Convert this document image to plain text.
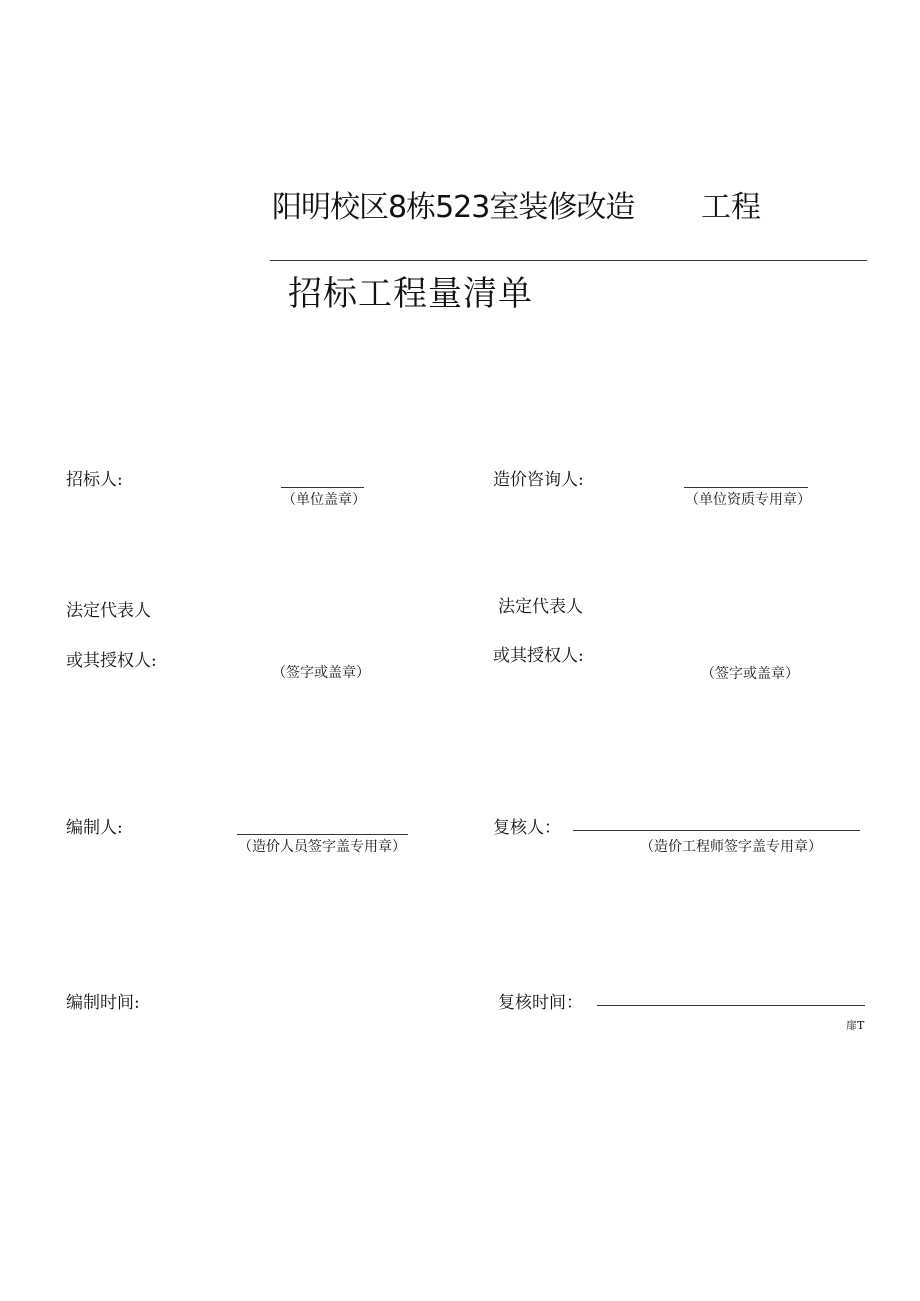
阳明校区8栋523室装修改造 工程
招标工程量清单
招标人:
（单位盖章）
法定代表人
或其授权人:
（签字或盖章）
编制人:
（造价人员签字盖专用章）
编制时间:
造价咨询人:
（单位资质专用章）
法定代表人
或其授权人:
（签字或盖章）
复核人：
（造价工程师签字盖专用章）
复核时间：
扉T
